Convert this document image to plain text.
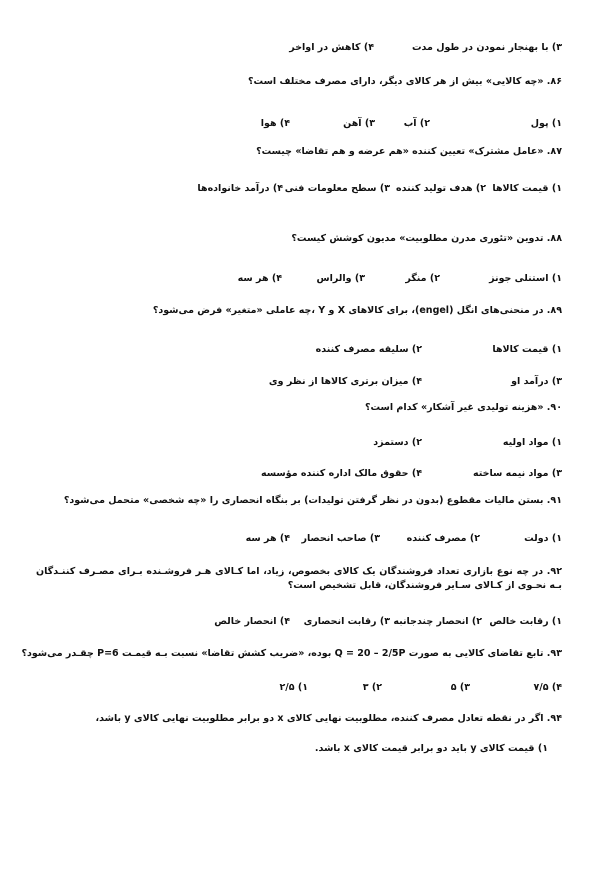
۳) با بهنجار نمودن در طول مدت
۴) کاهش در اواخر
۸۶. «چه کالایی» بیش از هر کالای دیگر، دارای مصرف مختلف است؟
۱) پول
۲) آب
۳) آهن
۴) هوا
۸۷. «عامل مشترک» تعیین کننده «هم عرضه و هم تقاضا» چیست؟
۱) قیمت کالاها
۲) هدف تولید کننده
۳) سطح معلومات فنی
۴) درآمد خانواده‌ها
۸۸. تدوین «تئوری مدرن مطلوبیت» مدیون کوشش کیست؟
۱) استنلی جونز
۲) منگر
۳) والراس
۴) هر سه
۸۹. در منحنی‌های انگل (engel)، برای کالاهای X و Y ،چه عاملی «متغیر» فرض می‌شود؟
۱) قیمت کالاها
۲) سلیقه مصرف کننده
۳) درآمد او
۴) میزان برتری کالاها از نظر وی
۹۰. «هزینه تولیدی غیر آشکار» کدام است؟
۱) مواد اولیه
۲) دستمزد
۳) مواد نیمه ساخته
۴) حقوق مالک اداره کننده مؤسسه
۹۱. بستن مالیات مقطوع (بدون در نظر گرفتن تولیدات) بر بنگاه انحصاری را «چه شخصی» متحمل می‌شود؟
۱) دولت
۲) مصرف کننده
۳) صاحب انحصار
۴) هر سه
۹۲. در چه نوع بازاری تعداد فروشندگان یک کالای بخصوص، زیاد، اما کـالای هـر فروشـنده بـرای مصـرف کننـدگان بـه نحـوی از کـالای سـایر فروشندگان، قابل تشخیص است؟
۱) رقابت خالص
۲) انحصار چندجانبه
۳) رقابت انحصاری
۴) انحصار خالص
۹۳. تابع تقاضای کالایی به صورت Q = 20 – 2/5P بوده، «ضریب کشش تقاضا» نسبت بـه قیمـت P=6 چقـدر می‌شود؟
۴) ۷/۵
۳) ۵
۲) ۳
۱) ۲/۵
۹۴. اگر در نقطه تعادل مصرف کننده، مطلوبیت نهایی کالای x دو برابر مطلوبیت نهایی کالای y باشد،
۱) قیمت کالای y باید دو برابر قیمت کالای x باشد.
